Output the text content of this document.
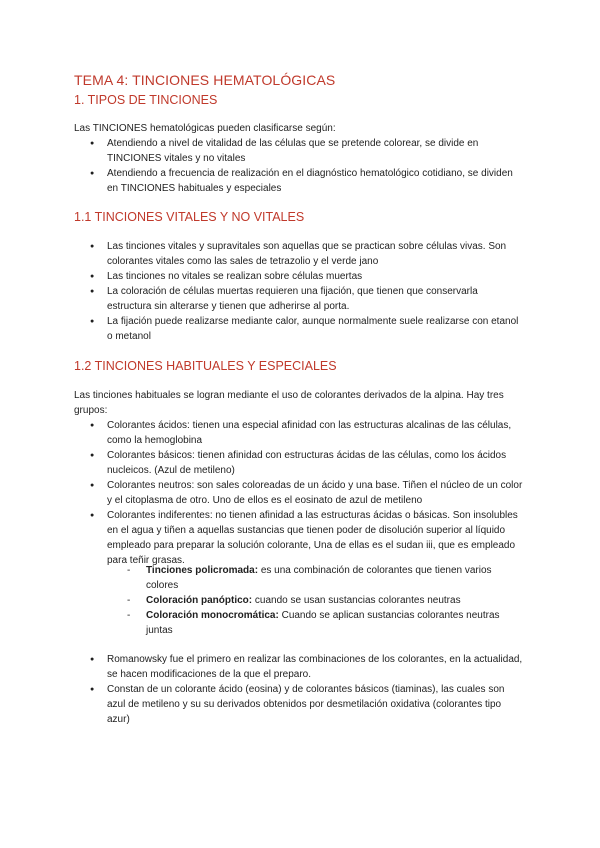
TEMA 4: TINCIONES HEMATOLÓGICAS

1. TIPOS DE TINCIONES

Las TINCIONES hematológicas pueden clasificarse según:

● Atendiendo a nivel de vitalidad de las células que se pretende colorear, se divide en TINCIONES vitales y no vitales
● Atendiendo a frecuencia de realización en el diagnóstico hematológico cotidiano, se dividen en TINCIONES habituales y especiales

1.1 TINCIONES VITALES Y NO VITALES

● Las tinciones vitales y supravitales son aquellas que se practican sobre células vivas. Son colorantes vitales como las sales de tetrazolio y el verde jano
● Las tinciones no vitales se realizan sobre células muertas
● La coloración de células muertas requieren una fijación, que tienen que conservarla estructura sin alterarse y tienen que adherirse al porta.
● La fijación puede realizarse mediante calor, aunque normalmente suele realizarse con etanol o metanol

1.2 TINCIONES HABITUALES Y ESPECIALES

Las tinciones habituales se logran mediante el uso de colorantes derivados de la alpina. Hay tres grupos:

● Colorantes ácidos: tienen una especial afinidad con las estructuras alcalinas de las células, como la hemoglobina
● Colorantes básicos: tienen afinidad con estructuras ácidas de las células, como los ácidos nucleicos. (Azul de metileno)
● Colorantes neutros: son sales coloreadas de un ácido y una base. Tiñen el núcleo de un color y el citoplasma de otro. Uno de ellos es el eosinato de azul de metileno
● Colorantes indiferentes: no tienen afinidad a las estructuras ácidas o básicas. Son insolubles en el agua y tiñen a aquellas sustancias que tienen poder de disolución superior al líquido empleado para preparar la solución colorante, Una de ellas es el sudan iii, que es empleado para teñir grasas.
- Tinciones policromada: es una combinación de colorantes que tienen varios colores
- Coloración panóptico: cuando se usan sustancias colorantes neutras
- Coloración monocromática: Cuando se aplican sustancias colorantes neutras juntas
● Romanowsky fue el primero en realizar las combinaciones de los colorantes, en la actualidad, se hacen modificaciones de la que el preparo.
● Constan de un colorante ácido (eosina) y de colorantes básicos (tiaminas), las cuales son azul de metileno y su su derivados obtenidos por desmetilación oxidativa (colorantes tipo azur)
